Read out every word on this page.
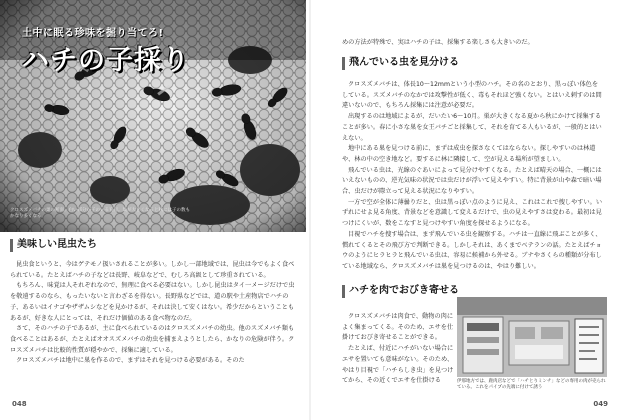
土中に眠る珍味を掘り当てろ!
ハチの子採り
クロスズメバチの巣の断面。白い部分が子のいる育房。巣が大きくなると秋には子の数もかなり多くなる
美味しい昆虫たち

昆虫食というと、今はゲテモノ扱いされることが多い。しかし一部地域では、昆虫は今でもよく食べられている。たとえばハチの子などは長野、岐阜などで、むしろ高級として珍重されている。

もちろん、味覚は人それぞれなので、無理に食べる必要はない。しかし昆虫はタイ一メージだけで虫を敬遠するのなら、もったいないと言わざるを得ない。長野県などでは、道の駅や土産物店でハチの子、あるいはイナゴやザザムシなどを見かけるが、それは決して安くはない。希少だからということもあるが、好きな人にとっては、それだけ価値のある食べ物なのだ。

さて、そのハチの子であるが、主に食べられているのはクロスズメバチの幼虫。他のスズメバチ類も食べることはあるが、たとえばオオスズメバチの幼虫を捕まえようとしたら、かなりの危険が伴う。クロスズメバチは比較的性質が穏やかで、採集に適している。

クロスズメバチは地中に巣を作るので、まずはそれを見つける必要がある。そのた

048

めの方法が特殊で、実はハチの子は、採集する楽しさも大きいのだ。

飛んでいる虫を見分ける

クロスズメバチは、体長10〜12mmという小型のハチ。その名のとおり、黒っぽい体色をしている。スズメバチのなかでは攻撃性が低く、毒もそれほど強くない。とはいえ刺すのは間違いないので、もちろん採集には注意が必要だ。

出現するのは地域によるが、だいたい6〜10月。巣が大きくなる夏から秋にかけて採集することが多い。春に小さな巣を女王バチごと採集して、それを育てる人もいるが、一般的とはいえない。

地中にある巣を見つける前に、まずは成虫を探さなくてはならない。探しやすいのは林道や、林の中の空き地など。要するに林に隣接して、空が見える場所が望ましい。

飛んでいる虫は、光線のぐあいによって見分けやすくなる。たとえば晴天の場合、一概にはいえないものの、逆光気味の状況では虫だけが浮いて見えやすい。特に背景が山や森で暗い場合、虫だけが際立って見える状況になりやすい。

一方で空が全体に薄曇りだと、虫は黒っぽい点のように見え、これはこれで捜しやすい。いずれにせよ見る角度、背景などを意識して変えるだけで、虫の見えやすさは変わる。最初は見つけにくいが、数をこなすと見つけやすい角度を探せるようになる。

目視でハチを捜す場合は、まず飛んでいる虫を観察する。ハチは一直線に飛ぶことが多く、慣れてくるとその飛び方で判断できる。しかしそれは、あくまでベテランの話。たとえばチョウのようにヒラヒラと飛んでいる虫は、容易に候補から外せる。ブナやさくらの種類が分布している地域なら、クロスズメバチは巣を見つけるのは、やはり難しい。

ハチを肉でおびき寄せる

クロスズメバチは肉食で、動物の肉によく集まってくる。そのため、エサを仕掛けておびき寄せることができる。

たとえば、付近にハチがいない場合にエサを置いても意味がない。そのため、やはり目視で「ハチらしき虫」を見つけてから、その近くでエサを仕掛ける	伊那地方では、鹿肉店などで「ハチとりミンチ」などの専用の肉が売られている。これをパイプの先端に付けて誘う
049
